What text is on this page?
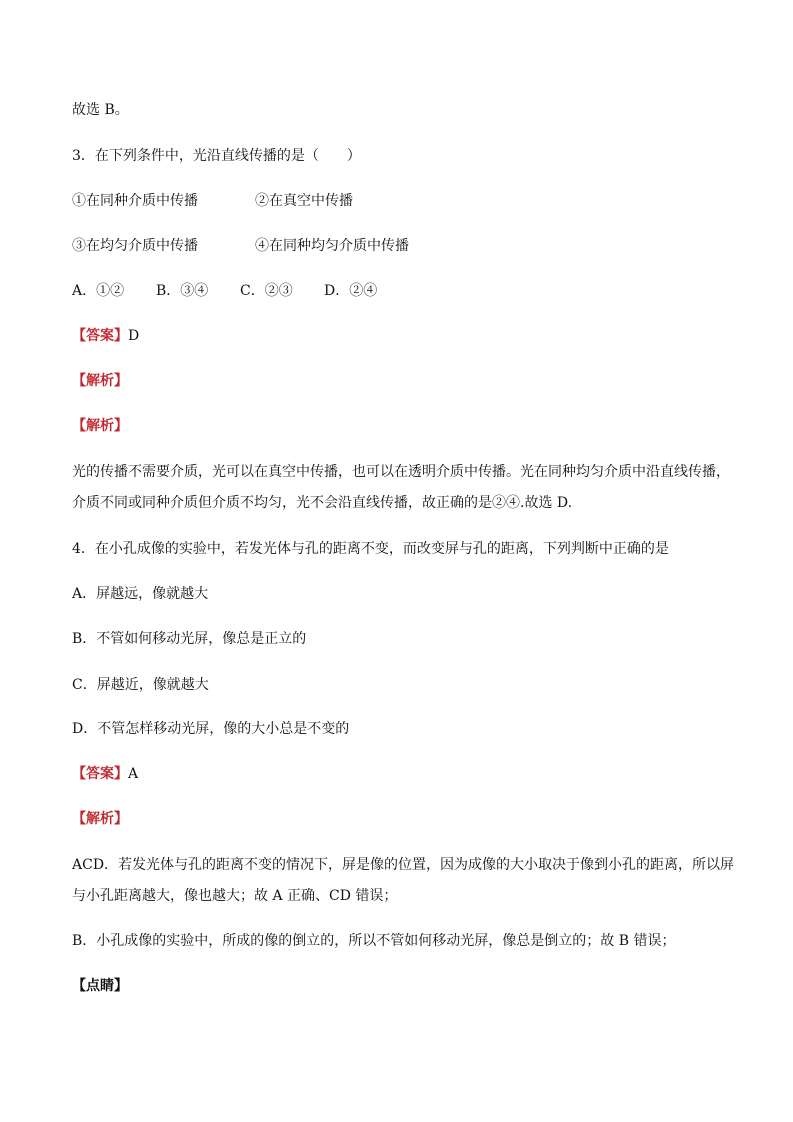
故选 B。
3．在下列条件中，光沿直线传播的是（　　）
①在同种介质中传播	②在真空中传播
③在均匀介质中传播	④在同种均匀介质中传播
A．①② B．③④ C．②③ D．②④
【答案】D
【解析】
【解析】
光的传播不需要介质，光可以在真空中传播，也可以在透明介质中传播。光在同种均匀介质中沿直线传播，
介质不同或同种介质但介质不均匀，光不会沿直线传播，故正确的是②④.故选 D.
4．在小孔成像的实验中，若发光体与孔的距离不变，而改变屏与孔的距离，下列判断中正确的是
A．屏越远，像就越大
B．不管如何移动光屏，像总是正立的
C．屏越近，像就越大
D．不管怎样移动光屏，像的大小总是不变的
【答案】A
【解析】
ACD．若发光体与孔的距离不变的情况下，屏是像的位置，因为成像的大小取决于像到小孔的距离，所以屏
与小孔距离越大，像也越大；故 A 正确、CD 错误；
B．小孔成像的实验中，所成的像的倒立的，所以不管如何移动光屏，像总是倒立的；故 B 错误；
【点睛】
